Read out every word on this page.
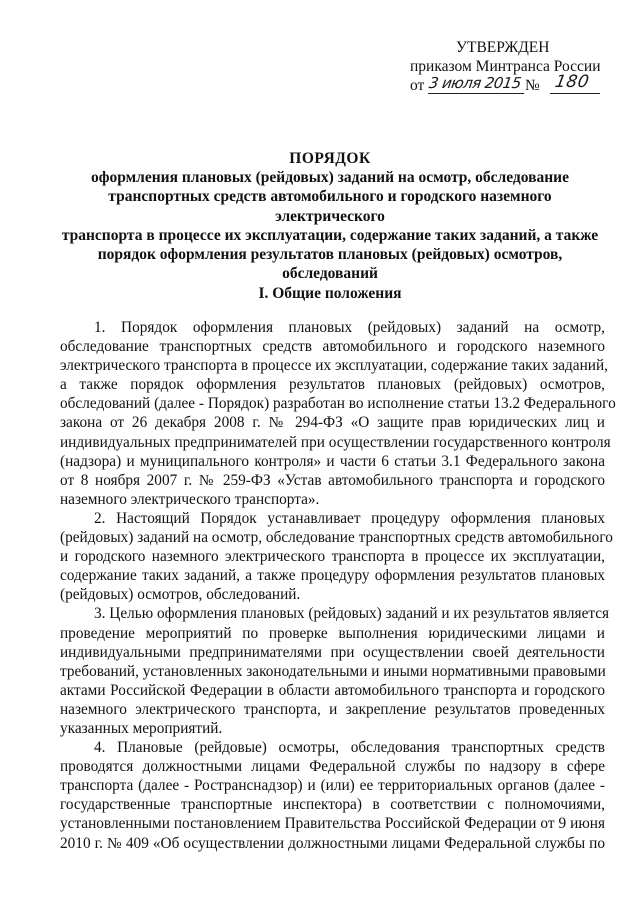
УТВЕРЖДЕН
приказом Минтранса России
от 3 июля 2015 № 180
ПОРЯДОК
оформления плановых (рейдовых) заданий на осмотр, обследование
транспортных средств автомобильного и городского наземного электрического
транспорта в процессе их эксплуатации, содержание таких заданий, а также
порядок оформления результатов плановых (рейдовых) осмотров,
обследований
I. Общие положения
1. Порядок оформления плановых (рейдовых) заданий на осмотр,
обследование транспортных средств автомобильного и городского наземного
электрического транспорта в процессе их эксплуатации, содержание таких заданий,
а также порядок оформления результатов плановых (рейдовых) осмотров,
обследований (далее - Порядок) разработан во исполнение статьи 13.2 Федерального
закона от 26 декабря 2008 г. № 294-ФЗ «О защите прав юридических лиц и
индивидуальных предпринимателей при осуществлении государственного контроля
(надзора) и муниципального контроля» и части 6 статьи 3.1 Федерального закона
от 8 ноября 2007 г. № 259-ФЗ «Устав автомобильного транспорта и городского
наземного электрического транспорта».
2. Настоящий Порядок устанавливает процедуру оформления плановых
(рейдовых) заданий на осмотр, обследование транспортных средств автомобильного
и городского наземного электрического транспорта в процессе их эксплуатации,
содержание таких заданий, а также процедуру оформления результатов плановых
(рейдовых) осмотров, обследований.
3. Целью оформления плановых (рейдовых) заданий и их результатов является
проведение мероприятий по проверке выполнения юридическими лицами и
индивидуальными предпринимателями при осуществлении своей деятельности
требований, установленных законодательными и иными нормативными правовыми
актами Российской Федерации в области автомобильного транспорта и городского
наземного электрического транспорта, и закрепление результатов проведенных
указанных мероприятий.
4. Плановые (рейдовые) осмотры, обследования транспортных средств
проводятся должностными лицами Федеральной службы по надзору в сфере
транспорта (далее - Ространснадзор) и (или) ее территориальных органов (далее -
государственные транспортные инспектора) в соответствии с полномочиями,
установленными постановлением Правительства Российской Федерации от 9 июня
2010 г. № 409 «Об осуществлении должностными лицами Федеральной службы по
